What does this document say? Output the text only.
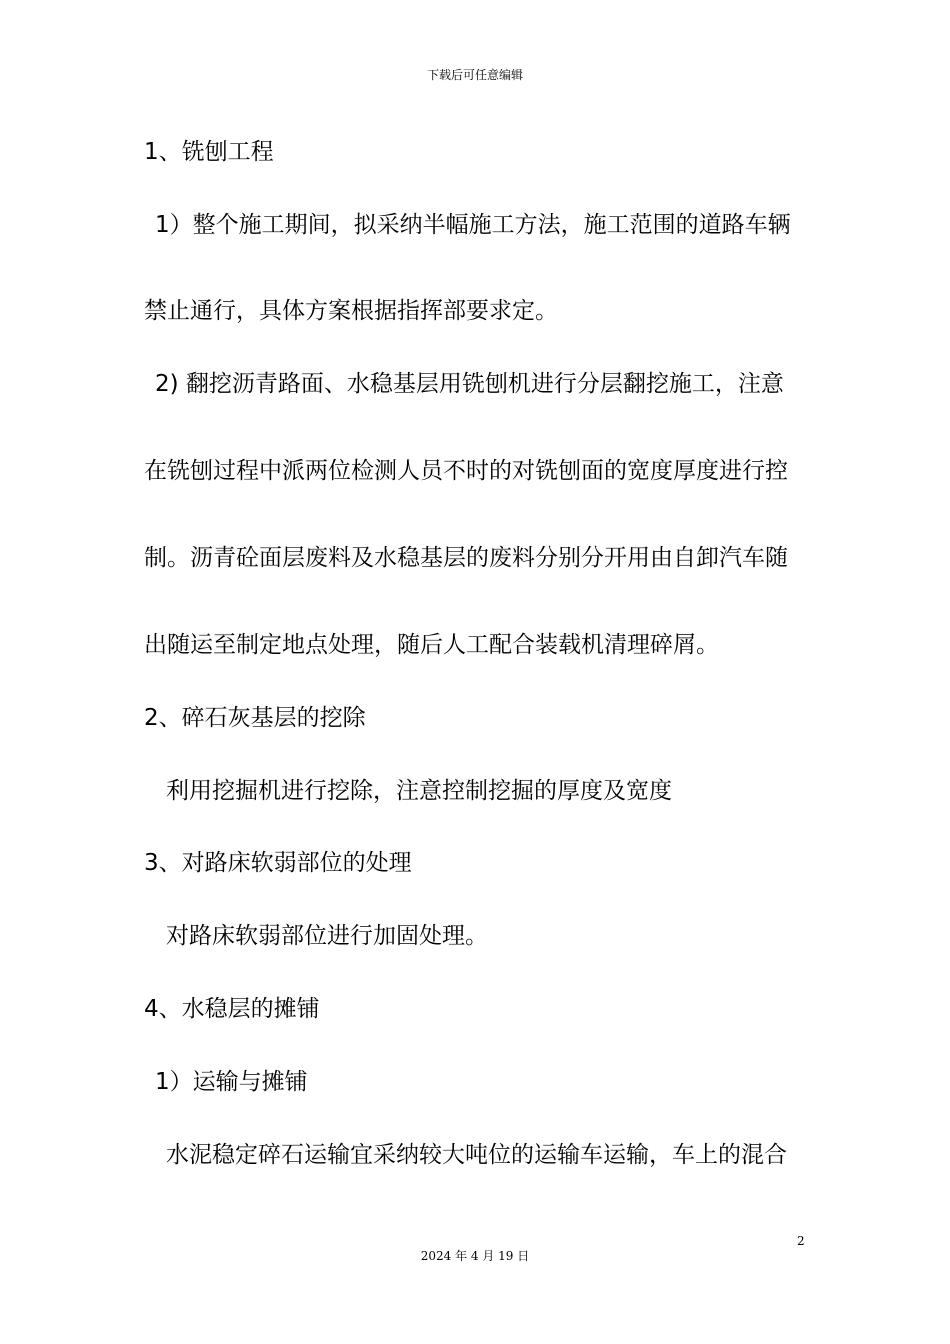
下载后可任意编辑
1、铣刨工程
1）整个施工期间，拟采纳半幅施工方法，施工范围的道路车辆
禁止通行，具体方案根据指挥部要求定。
2) 翻挖沥青路面、水稳基层用铣刨机进行分层翻挖施工，注意
在铣刨过程中派两位检测人员不时的对铣刨面的宽度厚度进行控
制。沥青砼面层废料及水稳基层的废料分别分开用由自卸汽车随
出随运至制定地点处理，随后人工配合装载机清理碎屑。
2、碎石灰基层的挖除
利用挖掘机进行挖除，注意控制挖掘的厚度及宽度
3、对路床软弱部位的处理
对路床软弱部位进行加固处理。
4、水稳层的摊铺
1）运输与摊铺
水泥稳定碎石运输宜采纳较大吨位的运输车运输，车上的混合
2
2024 年 4 月 19 日
